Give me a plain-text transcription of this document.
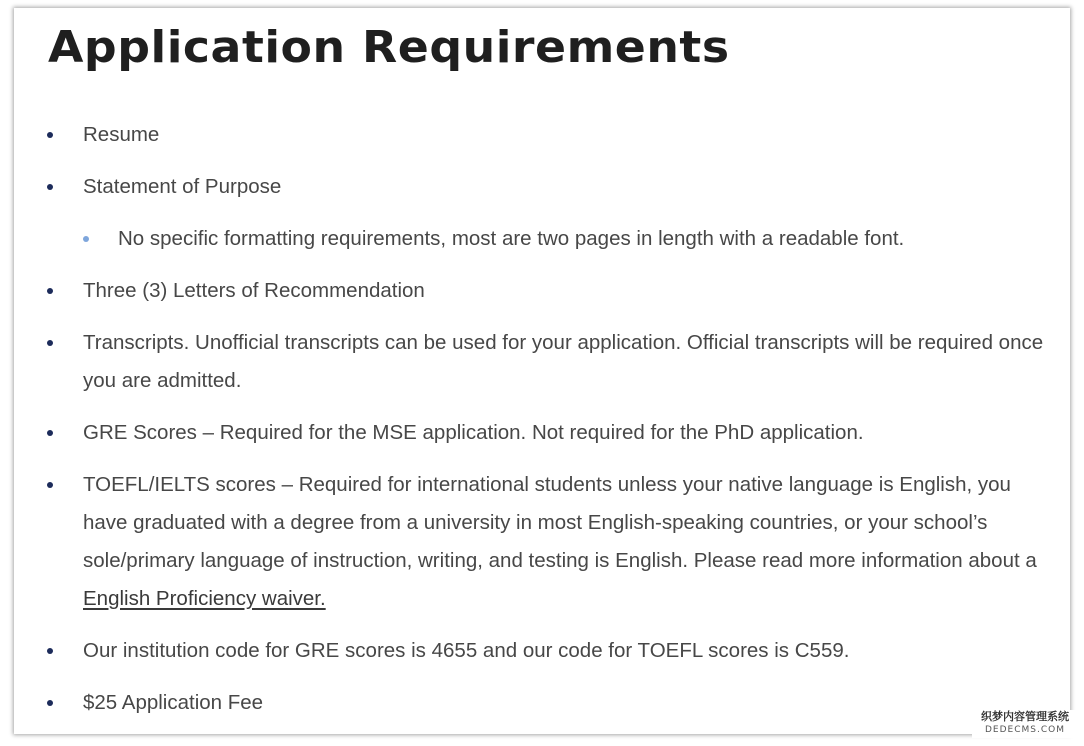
Application Requirements
Resume
Statement of Purpose
No specific formatting requirements, most are two pages in length with a readable font.
Three (3) Letters of Recommendation
Transcripts. Unofficial transcripts can be used for your application. Official transcripts will be required once you are admitted.
GRE Scores – Required for the MSE application. Not required for the PhD application.
TOEFL/IELTS scores – Required for international students unless your native language is English, you have graduated with a degree from a university in most English-speaking countries, or your school’s sole/primary language of instruction, writing, and testing is English. Please read more information about a English Proficiency waiver.
Our institution code for GRE scores is 4655 and our code for TOEFL scores is C559.
$25 Application Fee
织梦内容管理系统
DEDECMS.COM
